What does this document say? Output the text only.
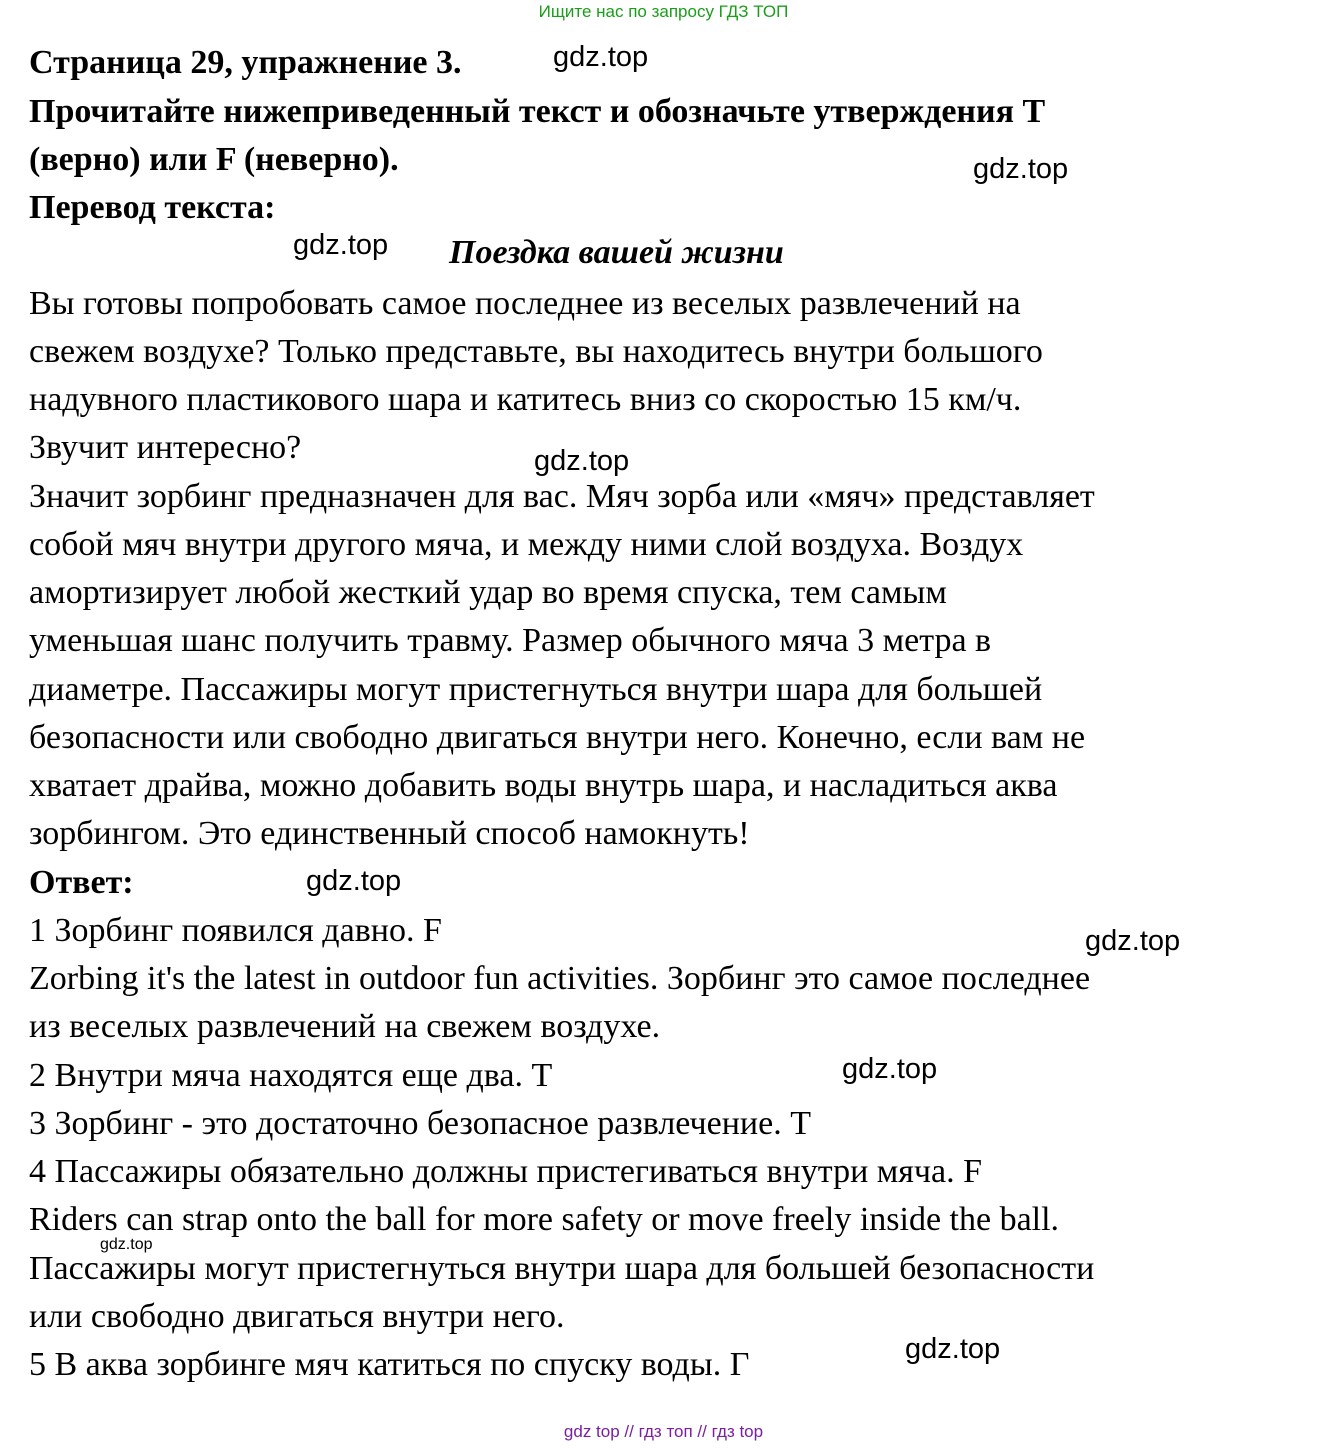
Ищите нас по запросу ГДЗ ТОП
Страница 29, упражнение 3.
Прочитайте нижеприведенный текст и обозначьте утверждения T
(верно) или F (неверно).
Перевод текста:
Поездка вашей жизни
Вы готовы попробовать самое последнее из веселых развлечений на
свежем воздухе? Только представьте, вы находитесь внутри большого
надувного пластикового шара и катитесь вниз со скоростью 15 км/ч.
Звучит интересно?
Значит зорбинг предназначен для вас. Мяч зорба или «мяч» представляет
собой мяч внутри другого мяча, и между ними слой воздуха. Воздух
амортизирует любой жесткий удар во время спуска, тем самым
уменьшая шанс получить травму. Размер обычного мяча 3 метра в
диаметре. Пассажиры могут пристегнуться внутри шара для большей
безопасности или свободно двигаться внутри него. Конечно, если вам не
хватает драйва, можно добавить воды внутрь шара, и насладиться аква
зорбингом. Это единственный способ намокнуть!
Ответ:
1 Зорбинг появился давно. F
Zorbing it's the latest in outdoor fun activities. Зорбинг это самое последнее
из веселых развлечений на свежем воздухе.
2 Внутри мяча находятся еще два. T
3 Зорбинг - это достаточно безопасное развлечение. T
4 Пассажиры обязательно должны пристегиваться внутри мяча. F
Riders can strap onto the ball for more safety or move freely inside the ball.
Пассажиры могут пристегнуться внутри шара для большей безопасности
или свободно двигаться внутри него.
5 В аква зорбинге мяч катиться по спуску воды. Г
gdz.top
gdz.top
gdz.top
gdz.top
gdz.top
gdz.top
gdz.top
gdz.top
gdz.top
gdz top // гдз топ // гдз top
